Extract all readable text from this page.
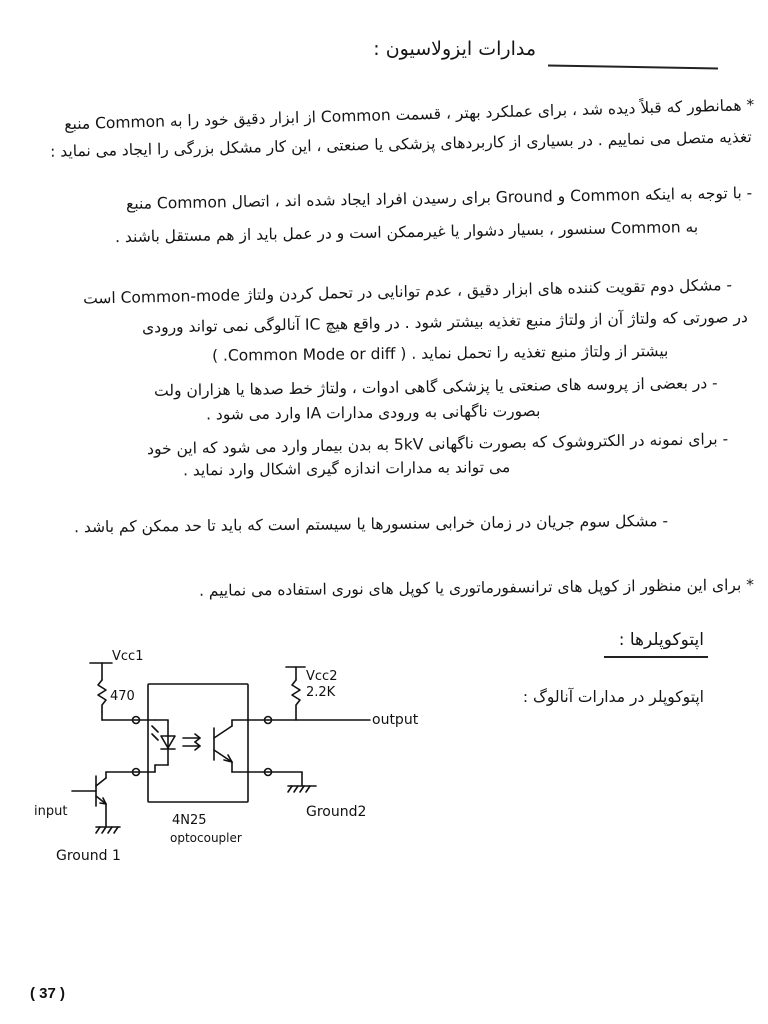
مدارات ایزولاسیون :
* همانطور که قبلاً دیده شد ، برای عملکرد بهتر ، قسمت Common از ابزار دقیق خود را به Common منبع
تغذیه متصل می نماییم . در بسیاری از کاربردهای پزشکی یا صنعتی ، این کار مشکل بزرگی را ایجاد می نماید :
- با توجه به اینکه Common و Ground برای رسیدن افراد ایجاد شده اند ، اتصال Common منبع
به Common سنسور ، بسیار دشوار یا غیرممکن است و در عمل باید از هم مستقل باشند .
- مشکل دوم تقویت کننده های ابزار دقیق ، عدم توانایی در تحمل کردن ولتاژ Common-mode است
در صورتی که ولتاژ آن از ولتاژ منبع تغذیه بیشتر شود . در واقع هیچ IC آنالوگی نمی تواند ورودی
بیشتر از ولتاژ منبع تغذیه را تحمل نماید . ( Common Mode or diff. )
- در بعضی از پروسه های صنعتی یا پزشکی گاهی ادوات ، ولتاژ خط صدها یا هزاران ولت
بصورت ناگهانی به ورودی مدارات IA وارد می شود .
- برای نمونه در الکتروشوک که بصورت ناگهانی 5kV به بدن بیمار وارد می شود که این خود
می تواند به مدارات اندازه گیری اشکال وارد نماید .
- مشکل سوم جریان در زمان خرابی سنسورها یا سیستم است که باید تا حد ممکن کم باشد .
* برای این منظور از کوپل های ترانسفورماتوری یا کوپل های نوری استفاده می نماییم .
اپتوکوپلرها :
اپتوکوپلر در مدارات آنالوگ :
Vcc1
470
Vcc2
2.2K
output
input	Ground2
Ground 1
4N25
optocoupler
( 37 )
